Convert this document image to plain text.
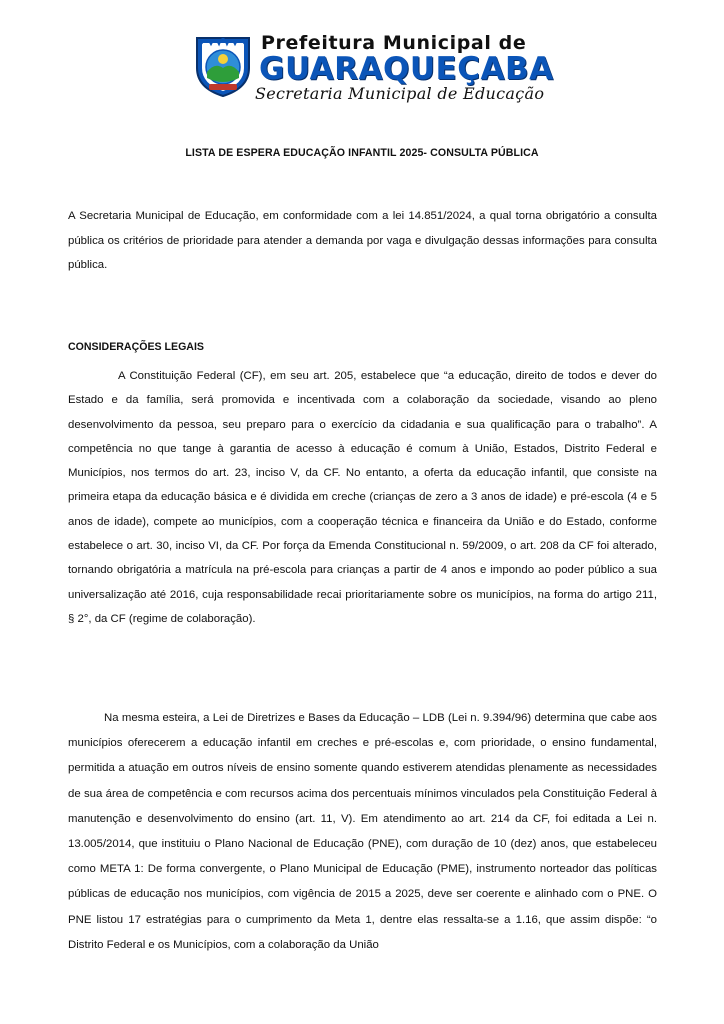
Prefeitura Municipal de
GUARAQUEÇABA
Secretaria Municipal de Educação
LISTA DE ESPERA EDUCAÇÃO INFANTIL 2025- CONSULTA PÚBLICA

A Secretaria Municipal de Educação, em conformidade com a lei 14.851/2024, a qual torna obrigatório a consulta pública os critérios de prioridade para atender a demanda por vaga e divulgação dessas informações para consulta pública.

CONSIDERAÇÕES LEGAIS

A Constituição Federal (CF), em seu art. 205, estabelece que “a educação, direito de todos e dever do Estado e da família, será promovida e incentivada com a colaboração da sociedade, visando ao pleno desenvolvimento da pessoa, seu preparo para o exercício da cidadania e sua qualificação para o trabalho”. A competência no que tange à garantia de acesso à educação é comum à União, Estados, Distrito Federal e Municípios, nos termos do art. 23, inciso V, da CF. No entanto, a oferta da educação infantil, que consiste na primeira etapa da educação básica e é dividida em creche (crianças de zero a 3 anos de idade) e pré-escola (4 e 5 anos de idade), compete ao municípios, com a cooperação técnica e financeira da União e do Estado, conforme estabelece o art. 30, inciso VI, da CF. Por força da Emenda Constitucional n. 59/2009, o art. 208 da CF foi alterado, tornando obrigatória a matrícula na pré-escola para crianças a partir de 4 anos e impondo ao poder público a sua universalização até 2016, cuja responsabilidade recai prioritariamente sobre os municípios, na forma do artigo 211, § 2°, da CF (regime de colaboração).

Na mesma esteira, a Lei de Diretrizes e Bases da Educação – LDB (Lei n. 9.394/96) determina que cabe aos municípios oferecerem a educação infantil em creches e pré-escolas e, com prioridade, o ensino fundamental, permitida a atuação em outros níveis de ensino somente quando estiverem atendidas plenamente as necessidades de sua área de competência e com recursos acima dos percentuais mínimos vinculados pela Constituição Federal à manutenção e desenvolvimento do ensino (art. 11, V). Em atendimento ao art. 214 da CF, foi editada a Lei n. 13.005/2014, que instituiu o Plano Nacional de Educação (PNE), com duração de 10 (dez) anos, que estabeleceu como META 1: De forma convergente, o Plano Municipal de Educação (PME), instrumento norteador das políticas públicas de educação nos municípios, com vigência de 2015 a 2025, deve ser coerente e alinhado com o PNE. O PNE listou 17 estratégias para o cumprimento da Meta 1, dentre elas ressalta-se a 1.16, que assim dispõe: “o Distrito Federal e os Municípios, com a colaboração da União
